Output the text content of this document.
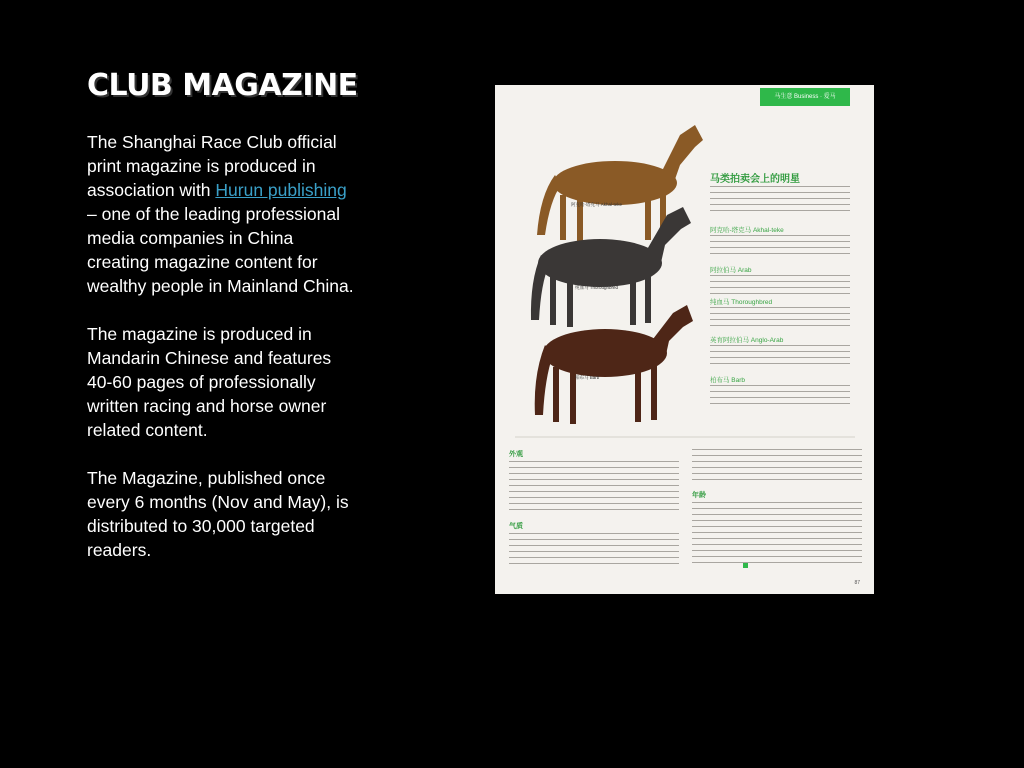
CLUB MAGAZINE

The Shanghai Race Club official print magazine is produced in association with Hurun publishing – one of the leading professional media companies in China creating magazine content for wealthy people in Mainland China.

The magazine is produced in Mandarin Chinese and features 40-60 pages of professionally written racing and horse owner related content.

The Magazine, published once every 6 months (Nov and May), is distributed to 30,000 targeted readers.

马生意 Business · 爱马
阿克哈-塔克马 Akhal-teke
纯血马 Thoroughbred
柏布马 Barb
马类拍卖会上的明星
阿克哈-塔克马 Akhal-teke
阿拉伯马 Arab
纯血马 Thoroughbred
英育阿拉伯马 Anglo-Arab
柏布马 Barb
外观
气质
年龄
87
